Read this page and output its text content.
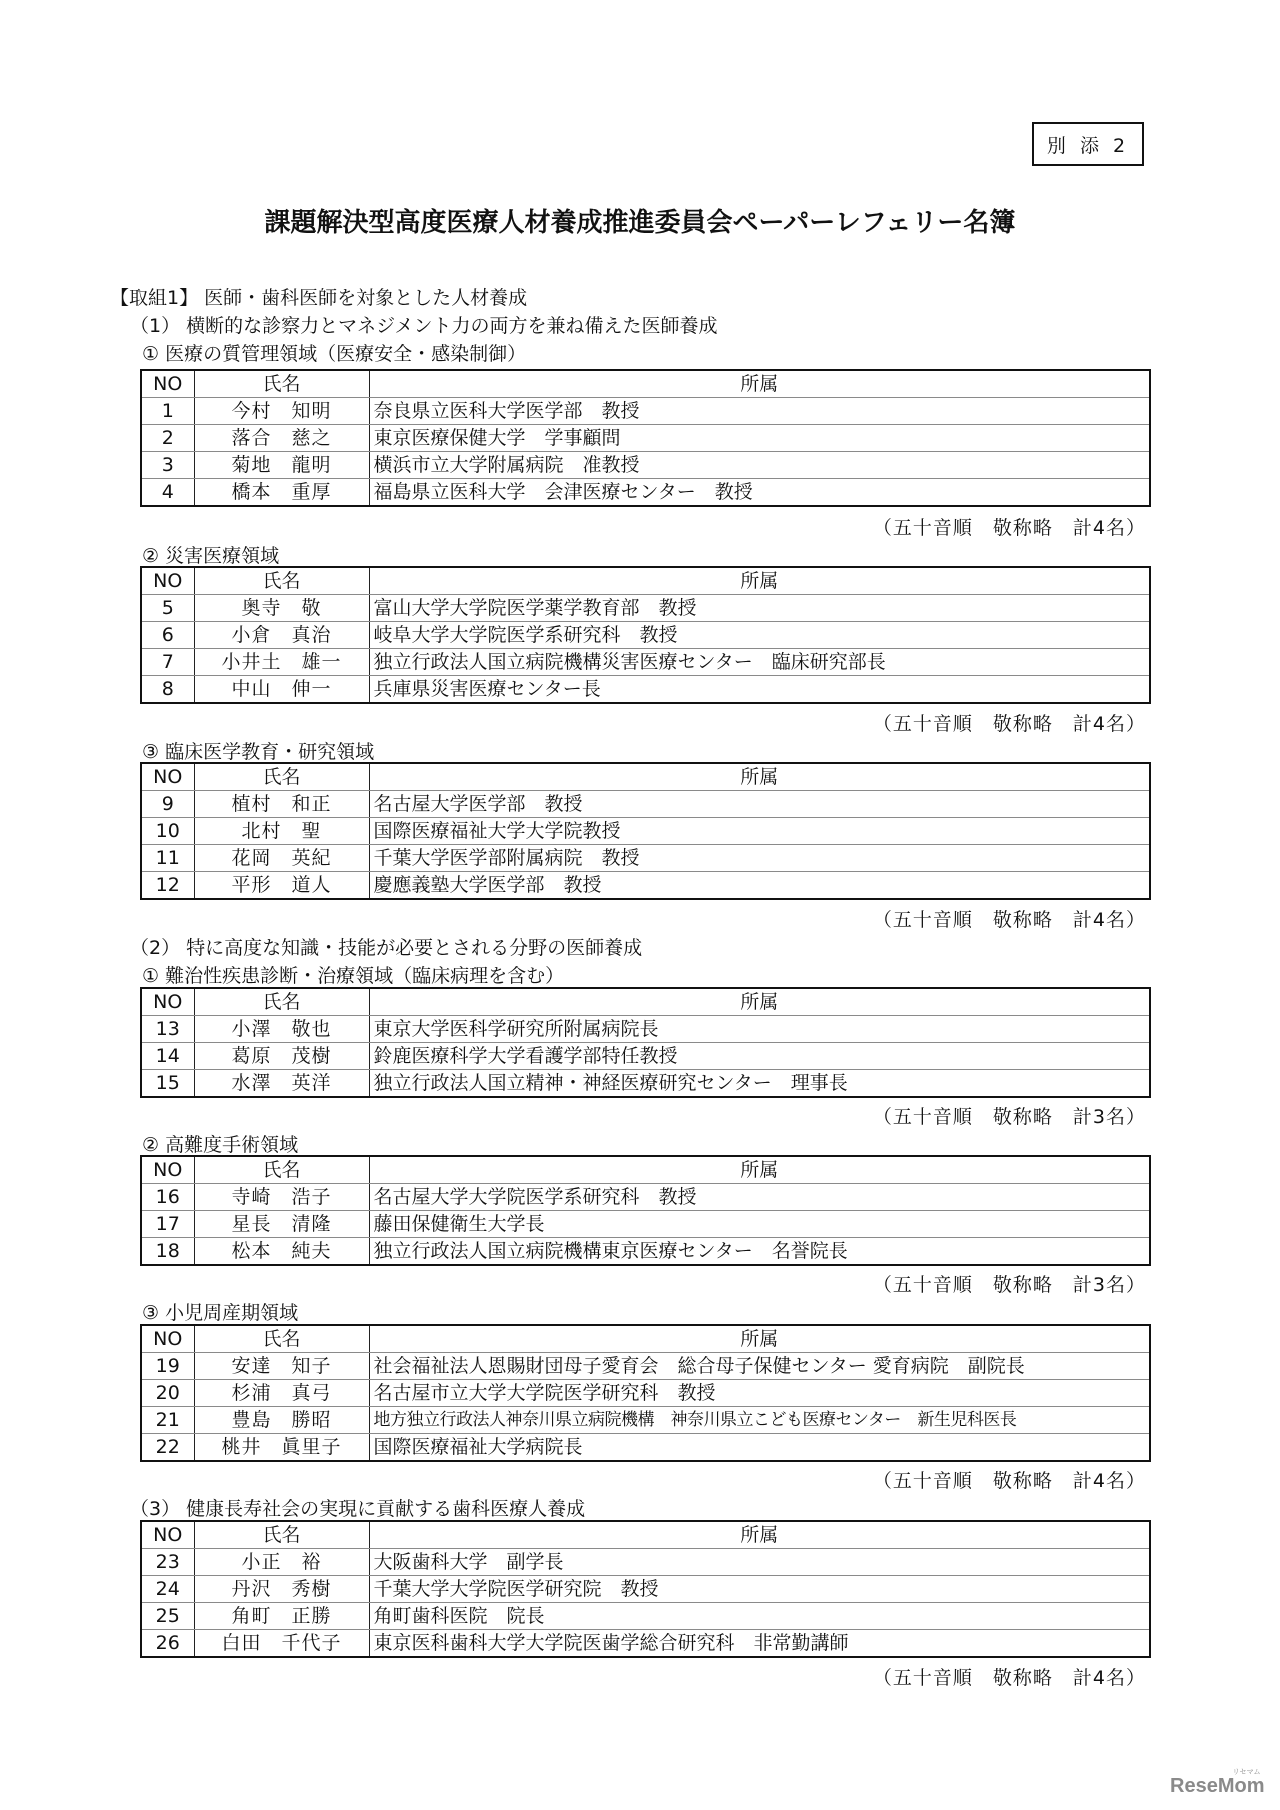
別 添 2
課題解決型高度医療人材養成推進委員会ペーパーレフェリー名簿
【取組1】 医師・歯科医師を対象とした人材養成
（1） 横断的な診察力とマネジメント力の両方を兼ね備えた医師養成
① 医療の質管理領域（医療安全・感染制御）
NO	氏名	所属
1	今村　知明	奈良県立医科大学医学部　教授
2	落合　慈之	東京医療保健大学　学事顧問
3	菊地　龍明	横浜市立大学附属病院　准教授
4	橋本　重厚	福島県立医科大学　会津医療センター　教授
（五十音順　敬称略　計4名）
② 災害医療領域
NO	氏名	所属
5	奥寺　敬	富山大学大学院医学薬学教育部　教授
6	小倉　真治	岐阜大学大学院医学系研究科　教授
7	小井土　雄一	独立行政法人国立病院機構災害医療センター　臨床研究部長
8	中山　伸一	兵庫県災害医療センター長
（五十音順　敬称略　計4名）
③ 臨床医学教育・研究領域
NO	氏名	所属
9	植村　和正	名古屋大学医学部　教授
10	北村　聖	国際医療福祉大学大学院教授
11	花岡　英紀	千葉大学医学部附属病院　教授
12	平形　道人	慶應義塾大学医学部　教授
（五十音順　敬称略　計4名）
（2） 特に高度な知識・技能が必要とされる分野の医師養成
① 難治性疾患診断・治療領域（臨床病理を含む）
NO	氏名	所属
13	小澤　敬也	東京大学医科学研究所附属病院長
14	葛原　茂樹	鈴鹿医療科学大学看護学部特任教授
15	水澤　英洋	独立行政法人国立精神・神経医療研究センター　理事長
（五十音順　敬称略　計3名）
② 高難度手術領域
NO	氏名	所属
16	寺崎　浩子	名古屋大学大学院医学系研究科　教授
17	星長　清隆	藤田保健衛生大学長
18	松本　純夫	独立行政法人国立病院機構東京医療センター　名誉院長
（五十音順　敬称略　計3名）
③ 小児周産期領域
NO	氏名	所属
19	安達　知子	社会福祉法人恩賜財団母子愛育会　総合母子保健センター 愛育病院　副院長
20	杉浦　真弓	名古屋市立大学大学院医学研究科　教授
21	豊島　勝昭	地方独立行政法人神奈川県立病院機構　神奈川県立こども医療センター　新生児科医長
22	桃井　眞里子	国際医療福祉大学病院長
（五十音順　敬称略　計4名）
（3） 健康長寿社会の実現に貢献する歯科医療人養成
NO	氏名	所属
23	小正　裕	大阪歯科大学　副学長
24	丹沢　秀樹	千葉大学大学院医学研究院　教授
25	角町　正勝	角町歯科医院　院長
26	白田　千代子	東京医科歯科大学大学院医歯学総合研究科　非常勤講師
（五十音順　敬称略　計4名）
ReseMom
リセマム
